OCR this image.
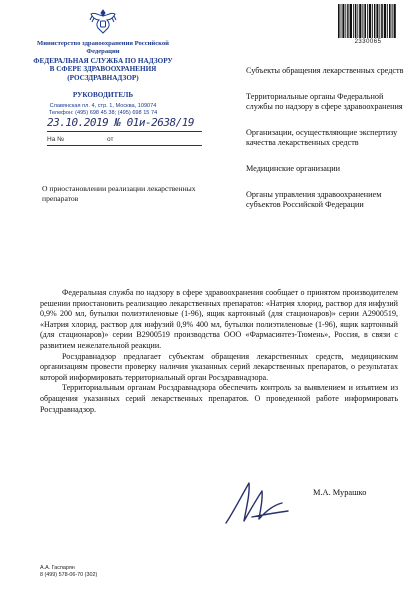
2330065
Министерство здравоохранения Российской Федерации
ФЕДЕРАЛЬНАЯ СЛУЖБА ПО НАДЗОРУ
В СФЕРЕ ЗДРАВООХРАНЕНИЯ
(РОСЗДРАВНАДЗОР)
РУКОВОДИТЕЛЬ
Славянская пл. 4, стр. 1, Москва, 109074
Телефон: (495) 698 45 38; (495) 698 15 74
23.10.2019 № 01и-2638/19
На №	от
О приостановлении реализации лекарственных препаратов
Субъекты обращения лекарственных средств
Территориальные органы Федеральной службы по надзору в сфере здравоохранения
Организации, осуществляющие экспертизу качества лекарственных средств
Медицинские организации
Органы управления здравоохранением субъектов Российской Федерации

Федеральная служба по надзору в сфере здравоохранения сообщает о принятом производителем решении приостановить реализацию лекарственных препаратов: «Натрия хлорид, раствор для инфузий 0,9% 200 мл, бутылки полиэтиленовые (1-96), ящик картонный (для стационаров)» серии A2900519, «Натрия хлорид, раствор для инфузий 0,9% 400 мл, бутылки полиэтиленовые (1-96), ящик картонный (для стационаров)» серии B2900519 производства ООО «Фармасинтез-Тюмень», Россия, в связи с развитием нежелательной реакции.

Росздравнадзор предлагает субъектам обращения лекарственных средств, медицинским организациям провести проверку наличия указанных серий лекарственных препаратов, о результатах которой информировать территориальный орган Росздравнадзора.

Территориальным органам Росздравнадзора обеспечить контроль за выявлением и изъятием из обращения указанных серий лекарственных препаратов. О проведенной работе информировать Росздравнадзор.

М.А. Мурашко
А.А. Гаспарян
8 (499) 578-06-70 (302)
